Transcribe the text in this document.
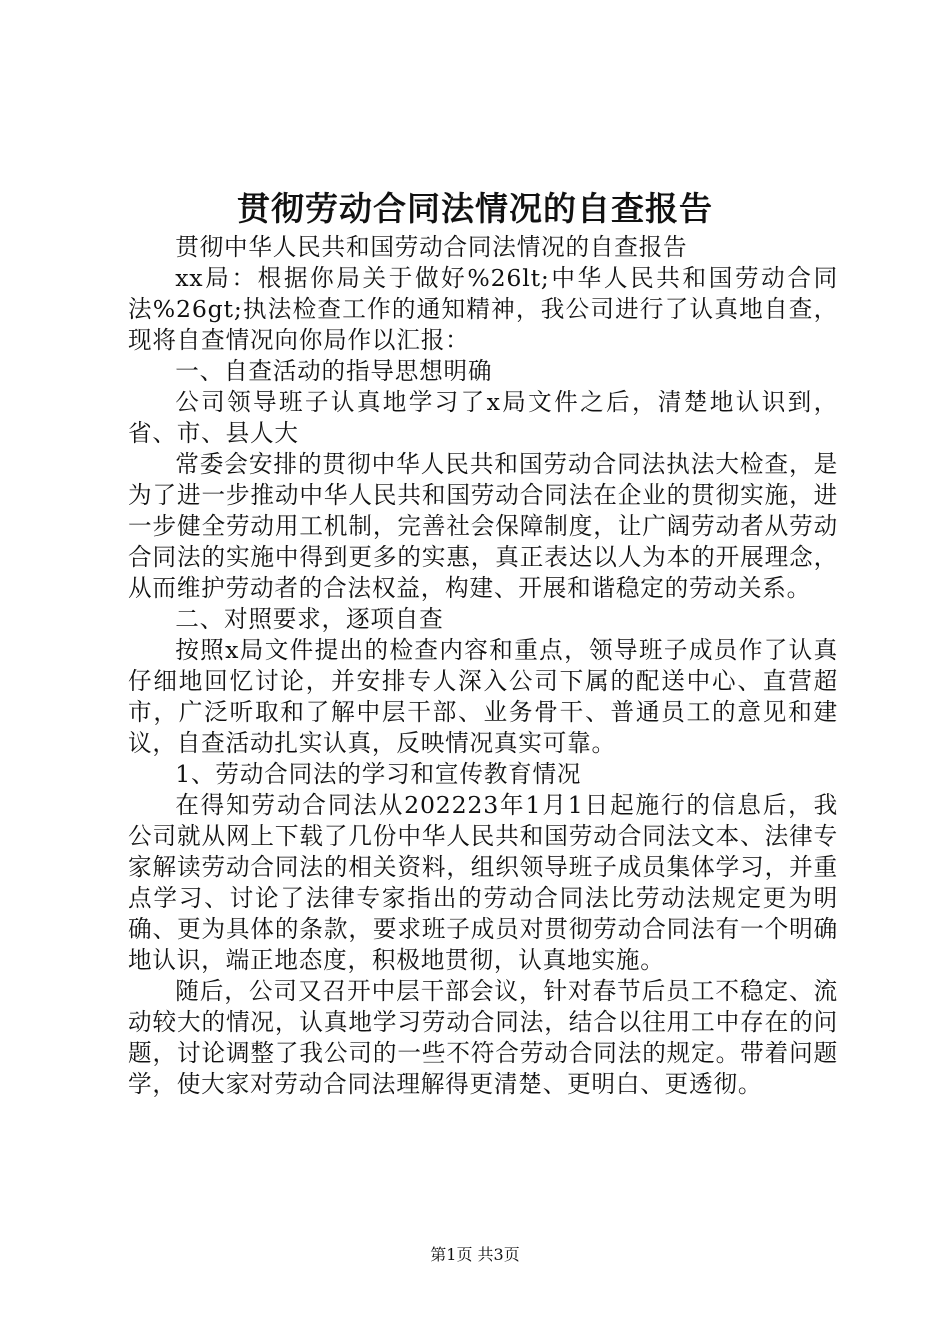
贯彻劳动合同法情况的自查报告

贯彻中华人民共和国劳动合同法情况的自查报告

xx局：根据你局关于做好%26lt;中华人民共和国劳动合同法%26gt;执法检查工作的通知精神，我公司进行了认真地自查，现将自查情况向你局作以汇报：

一、自查活动的指导思想明确

公司领导班子认真地学习了x局文件之后，清楚地认识到，省、市、县人大

常委会安排的贯彻中华人民共和国劳动合同法执法大检查，是为了进一步推动中华人民共和国劳动合同法在企业的贯彻实施，进一步健全劳动用工机制，完善社会保障制度，让广阔劳动者从劳动合同法的实施中得到更多的实惠，真正表达以人为本的开展理念，从而维护劳动者的合法权益，构建、开展和谐稳定的劳动关系。

二、对照要求，逐项自查

按照x局文件提出的检查内容和重点，领导班子成员作了认真仔细地回忆讨论，并安排专人深入公司下属的配送中心、直营超市，广泛听取和了解中层干部、业务骨干、普通员工的意见和建议，自查活动扎实认真，反映情况真实可靠。

1、劳动合同法的学习和宣传教育情况

在得知劳动合同法从202223年1月1日起施行的信息后，我公司就从网上下载了几份中华人民共和国劳动合同法文本、法律专家解读劳动合同法的相关资料，组织领导班子成员集体学习，并重点学习、讨论了法律专家指出的劳动合同法比劳动法规定更为明确、更为具体的条款，要求班子成员对贯彻劳动合同法有一个明确地认识，端正地态度，积极地贯彻，认真地实施。

随后，公司又召开中层干部会议，针对春节后员工不稳定、流动较大的情况，认真地学习劳动合同法，结合以往用工中存在的问题，讨论调整了我公司的一些不符合劳动合同法的规定。带着问题学，使大家对劳动合同法理解得更清楚、更明白、更透彻。

第1页 共3页
